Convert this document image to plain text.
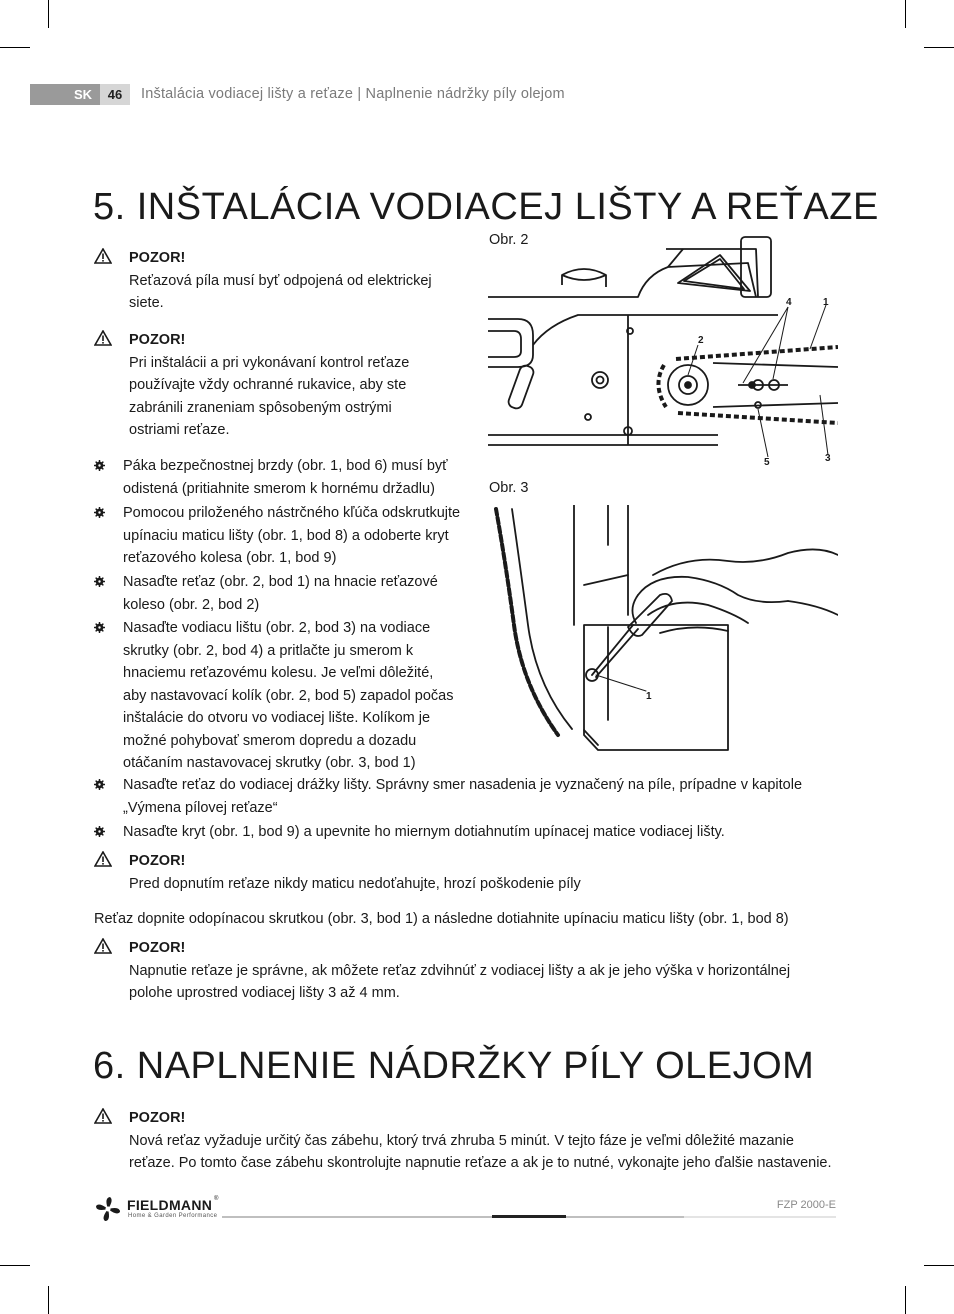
SK	46	Inštalácia vodiacej lišty a reťaze | Naplnenie nádržky píly olejom
5. INŠTALÁCIA VODIACEJ LIŠTY A REŤAZE
POZOR!
Reťazová píla musí byť odpojená od elektrickej
siete.
POZOR!
Pri inštalácii a pri vykonávaní kontrol reťaze
používajte vždy ochranné rukavice, aby ste
zabránili zraneniam spôsobeným ostrými
ostriami reťaze.
Páka bezpečnostnej brzdy (obr. 1, bod 6) musí byť
odistená (pritiahnite smerom k hornému držadlu)
Pomocou priloženého nástrčného kľúča odskrutkujte
upínaciu maticu lišty (obr. 1, bod 8) a odoberte kryt
reťazového kolesa (obr. 1, bod 9)
Nasaďte reťaz (obr. 2, bod 1) na hnacie reťazové
koleso (obr. 2, bod 2)
Nasaďte vodiacu lištu (obr. 2, bod 3) na vodiace
skrutky (obr. 2, bod 4) a pritlačte ju smerom k
hnaciemu reťazovému kolesu. Je veľmi dôležité,
aby nastavovací kolík (obr. 2, bod 5) zapadol počas
inštalácie do otvoru vo vodiacej lište. Kolíkom je
možné pohybovať smerom dopredu a dozadu
otáčaním nastavovacej skrutky (obr. 3, bod 1)
Nasaďte reťaz do vodiacej drážky lišty. Správny smer nasadenia je vyznačený na píle, prípadne v kapitole
„Výmena pílovej reťaze“
Nasaďte kryt (obr. 1, bod 9) a upevnite ho miernym dotiahnutím upínacej matice vodiacej lišty.
POZOR!
Pred dopnutím reťaze nikdy maticu nedoťahujte, hrozí poškodenie píly
Reťaz dopnite odopínacou skrutkou (obr. 3, bod 1) a následne dotiahnite upínaciu maticu lišty (obr. 1, bod 8)
POZOR!
Napnutie reťaze je správne, ak môžete reťaz zdvihnúť z vodiacej lišty a ak je jeho výška v horizontálnej
polohe uprostred vodiacej lišty 3 až 4 mm.
Obr. 2
1
2
3
4
5
Obr. 3
1
6. NAPLNENIE NÁDRŽKY PÍLY OLEJOM
POZOR!
Nová reťaz vyžaduje určitý čas zábehu, ktorý trvá zhruba 5 minút. V tejto fáze je veľmi dôležité mazanie
reťaze. Po tomto čase zábehu skontrolujte napnutie reťaze a ak je to nutné, vykonajte jeho ďalšie nastavenie.
FIELDMANN ®
Home & Garden Performance
FZP 2000-E
